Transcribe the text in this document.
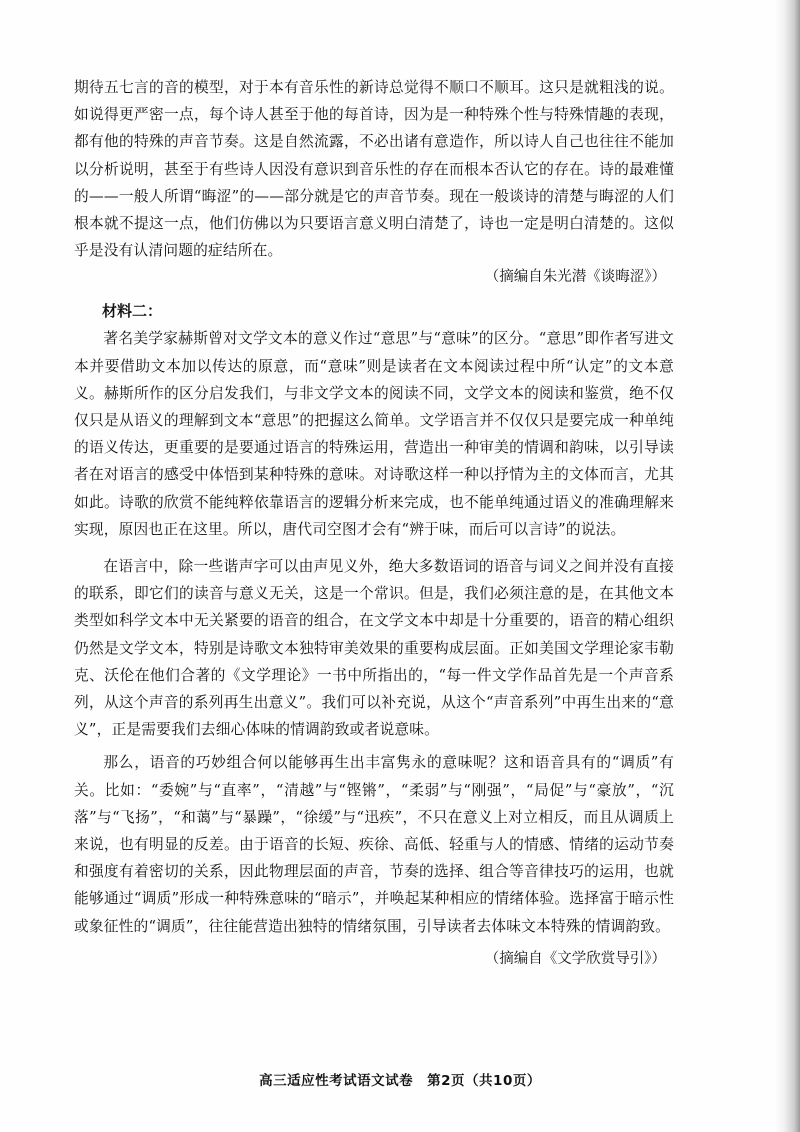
期待五七言的音的模型，对于本有音乐性的新诗总觉得不顺口不顺耳。这只是就粗浅的说。如说得更严密一点，每个诗人甚至于他的每首诗，因为是一种特殊个性与特殊情趣的表现，都有他的特殊的声音节奏。这是自然流露，不必出诸有意造作，所以诗人自己也往往不能加以分析说明，甚至于有些诗人因没有意识到音乐性的存在而根本否认它的存在。诗的最难懂的——一般人所谓“晦涩”的——部分就是它的声音节奏。现在一般谈诗的清楚与晦涩的人们根本就不提这一点，他们仿佛以为只要语言意义明白清楚了，诗也一定是明白清楚的。这似乎是没有认清问题的症结所在。

（摘编自朱光潜《谈晦涩》）

材料二：

著名美学家赫斯曾对文学文本的意义作过“意思”与“意味”的区分。“意思”即作者写进文本并要借助文本加以传达的原意，而“意味”则是读者在文本阅读过程中所“认定”的文本意义。赫斯所作的区分启发我们，与非文学文本的阅读不同，文学文本的阅读和鉴赏，绝不仅仅只是从语义的理解到文本“意思”的把握这么简单。文学语言并不仅仅只是要完成一种单纯的语义传达，更重要的是要通过语言的特殊运用，营造出一种审美的情调和韵味，以引导读者在对语言的感受中体悟到某种特殊的意味。对诗歌这样一种以抒情为主的文体而言，尤其如此。诗歌的欣赏不能纯粹依靠语言的逻辑分析来完成，也不能单纯通过语义的准确理解来实现，原因也正在这里。所以，唐代司空图才会有“辨于味，而后可以言诗”的说法。

在语言中，除一些谐声字可以由声见义外，绝大多数语词的语音与词义之间并没有直接的联系，即它们的读音与意义无关，这是一个常识。但是，我们必须注意的是，在其他文本类型如科学文本中无关紧要的语音的组合，在文学文本中却是十分重要的，语音的精心组织仍然是文学文本，特别是诗歌文本独特审美效果的重要构成层面。正如美国文学理论家韦勒克、沃伦在他们合著的《文学理论》一书中所指出的，“每一件文学作品首先是一个声音系列，从这个声音的系列再生出意义”。我们可以补充说，从这个“声音系列”中再生出来的“意义”，正是需要我们去细心体味的情调韵致或者说意味。

那么，语音的巧妙组合何以能够再生出丰富隽永的意味呢？这和语音具有的“调质”有关。比如：“委婉”与“直率”，“清越”与“铿锵”，“柔弱”与“刚强”，“局促”与“豪放”，“沉落”与“飞扬”，“和蔼”与“暴躁”，“徐缓”与“迅疾”，不只在意义上对立相反，而且从调质上来说，也有明显的反差。由于语音的长短、疾徐、高低、轻重与人的情感、情绪的运动节奏和强度有着密切的关系，因此物理层面的声音，节奏的选择、组合等音律技巧的运用，也就能够通过“调质”形成一种特殊意味的“暗示”，并唤起某种相应的情绪体验。选择富于暗示性或象征性的“调质”，往往能营造出独特的情绪氛围，引导读者去体味文本特殊的情调韵致。

（摘编自《文学欣赏导引》）

高三适应性考试语文试卷　第2页（共10页）
